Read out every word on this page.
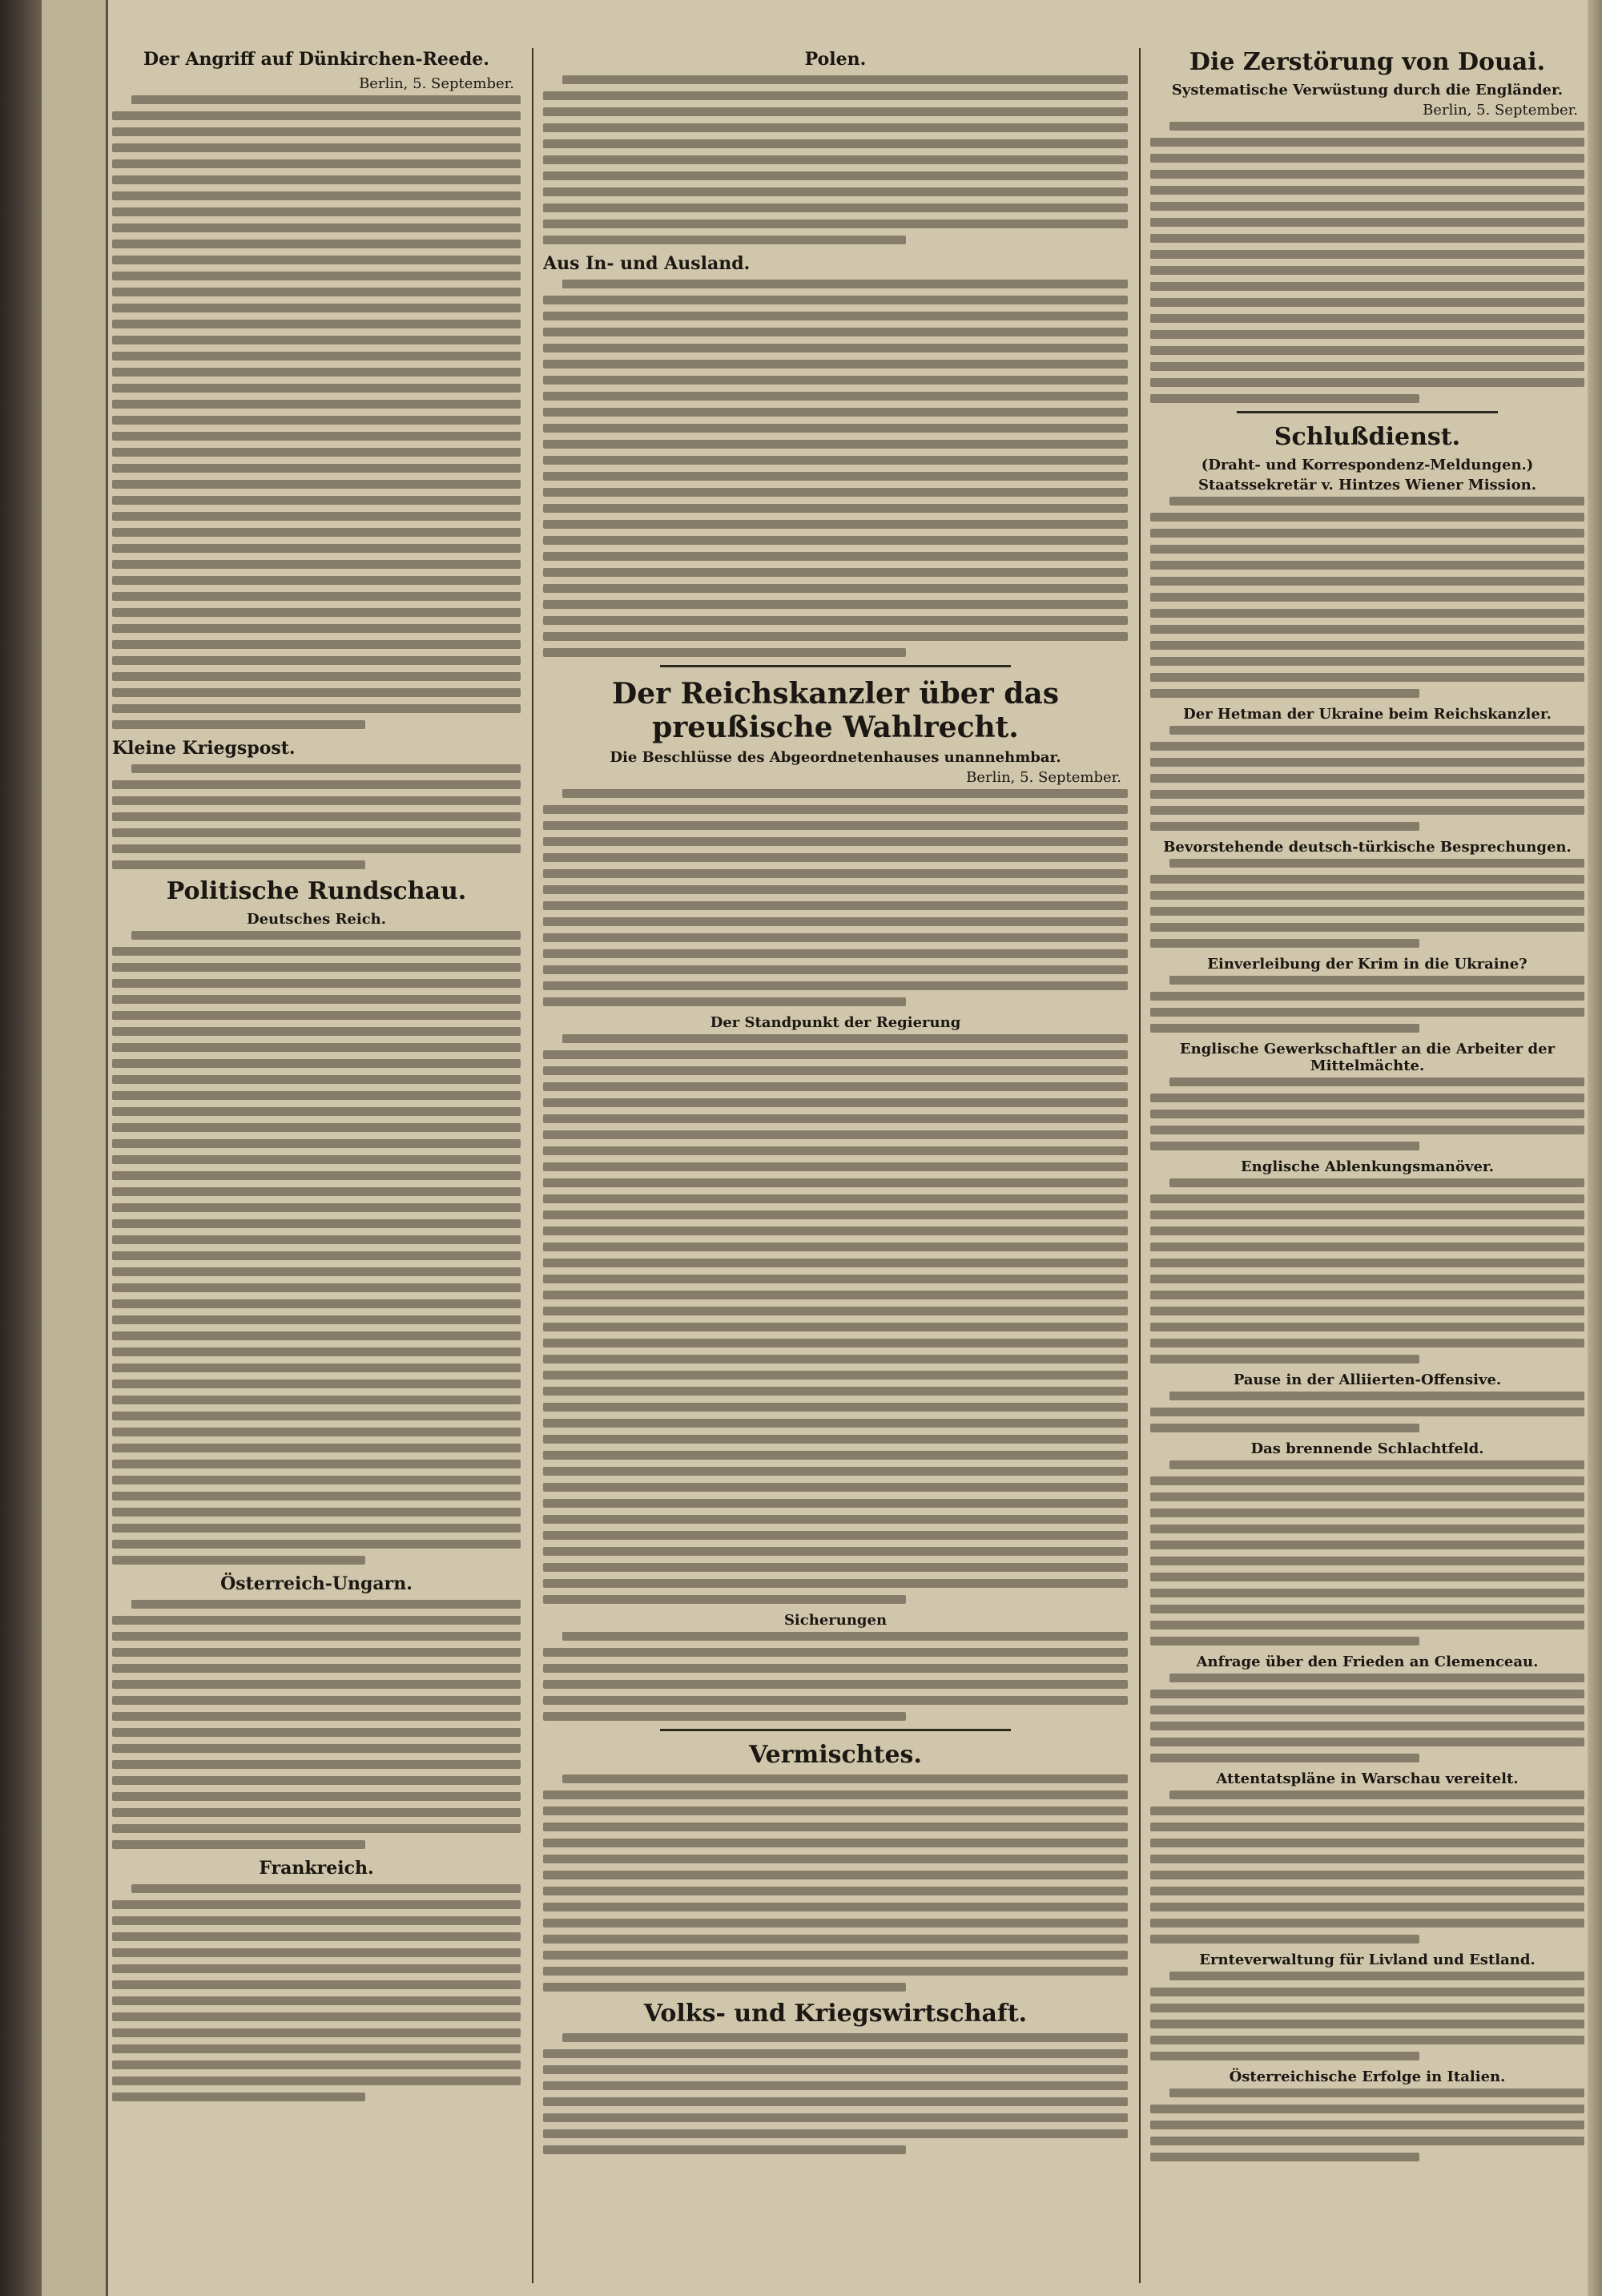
Der Angriff auf Dünkirchen-Reede.
Berlin, 5. September.
Kleine Kriegspost.
Politische Rundschau.
Deutsches Reich.
Österreich-Ungarn.
Frankreich.
Polen.
Aus In- und Ausland.
Der Reichskanzler über das preußische Wahlrecht.
Die Beschlüsse des Abgeordnetenhauses unannehmbar.
Berlin, 5. September.
Der Standpunkt der Regierung
Sicherungen
Vermischtes.
Volks- und Kriegswirtschaft.
Die Zerstörung von Douai.
Systematische Verwüstung durch die Engländer.
Berlin, 5. September.
Schlußdienst.
(Draht- und Korrespondenz-Meldungen.)
Staatssekretär v. Hintzes Wiener Mission.
Der Hetman der Ukraine beim Reichskanzler.
Bevorstehende deutsch-türkische Besprechungen.
Einverleibung der Krim in die Ukraine?
Englische Gewerkschaftler an die Arbeiter der Mittelmächte.
Englische Ablenkungsmanöver.
Pause in der Alliierten-Offensive.
Das brennende Schlachtfeld.
Anfrage über den Frieden an Clemenceau.
Attentatspläne in Warschau vereitelt.
Ernteverwaltung für Livland und Estland.
Österreichische Erfolge in Italien.
